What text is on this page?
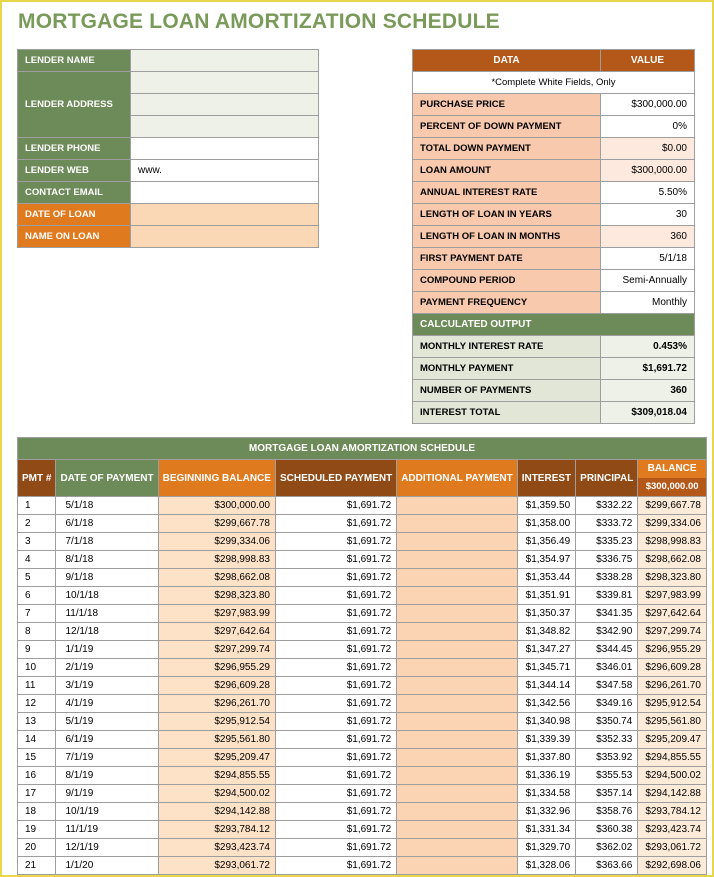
MORTGAGE LOAN AMORTIZATION SCHEDULE
LENDER NAME	
LENDER ADDRESS	

LENDER PHONE	
LENDER WEB	www.
CONTACT EMAIL	
DATE OF LOAN	
NAME ON LOAN	
DATA	VALUE
*Complete White Fields, Only	
PURCHASE PRICE	$300,000.00
PERCENT OF DOWN PAYMENT	0%
TOTAL DOWN PAYMENT	$0.00
LOAN AMOUNT	$300,000.00
ANNUAL INTEREST RATE	5.50%
LENGTH OF LOAN IN YEARS	30
LENGTH OF LOAN IN MONTHS	360
FIRST PAYMENT DATE	5/1/18
COMPOUND PERIOD	Semi-Annually
PAYMENT FREQUENCY	Monthly
CALCULATED OUTPUT	
MONTHLY INTEREST RATE	0.453%
MONTHLY PAYMENT	$1,691.72
NUMBER OF PAYMENTS	360
INTEREST TOTAL	$309,018.04
MORTGAGE LOAN AMORTIZATION SCHEDULE							
PMT #	DATE OF PAYMENT	BEGINNING BALANCE	SCHEDULED PAYMENT	ADDITIONAL PAYMENT	INTEREST	PRINCIPAL	BALANCE
$300,000.00

1	5/1/18	$300,000.00	$1,691.72		$1,359.50	$332.22	$299,667.78
2	6/1/18	$299,667.78	$1,691.72		$1,358.00	$333.72	$299,334.06
3	7/1/18	$299,334.06	$1,691.72		$1,356.49	$335.23	$298,998.83
4	8/1/18	$298,998.83	$1,691.72		$1,354.97	$336.75	$298,662.08
5	9/1/18	$298,662.08	$1,691.72		$1,353.44	$338.28	$298,323.80
6	10/1/18	$298,323.80	$1,691.72		$1,351.91	$339.81	$297,983.99
7	11/1/18	$297,983.99	$1,691.72		$1,350.37	$341.35	$297,642.64
8	12/1/18	$297,642.64	$1,691.72		$1,348.82	$342.90	$297,299.74
9	1/1/19	$297,299.74	$1,691.72		$1,347.27	$344.45	$296,955.29
10	2/1/19	$296,955.29	$1,691.72		$1,345.71	$346.01	$296,609.28
11	3/1/19	$296,609.28	$1,691.72		$1,344.14	$347.58	$296,261.70
12	4/1/19	$296,261.70	$1,691.72		$1,342.56	$349.16	$295,912.54
13	5/1/19	$295,912.54	$1,691.72		$1,340.98	$350.74	$295,561.80
14	6/1/19	$295,561.80	$1,691.72		$1,339.39	$352.33	$295,209.47
15	7/1/19	$295,209.47	$1,691.72		$1,337.80	$353.92	$294,855.55
16	8/1/19	$294,855.55	$1,691.72		$1,336.19	$355.53	$294,500.02
17	9/1/19	$294,500.02	$1,691.72		$1,334.58	$357.14	$294,142.88
18	10/1/19	$294,142.88	$1,691.72		$1,332.96	$358.76	$293,784.12
19	11/1/19	$293,784.12	$1,691.72		$1,331.34	$360.38	$293,423.74
20	12/1/19	$293,423.74	$1,691.72		$1,329.70	$362.02	$293,061.72
21	1/1/20	$293,061.72	$1,691.72		$1,328.06	$363.66	$292,698.06
